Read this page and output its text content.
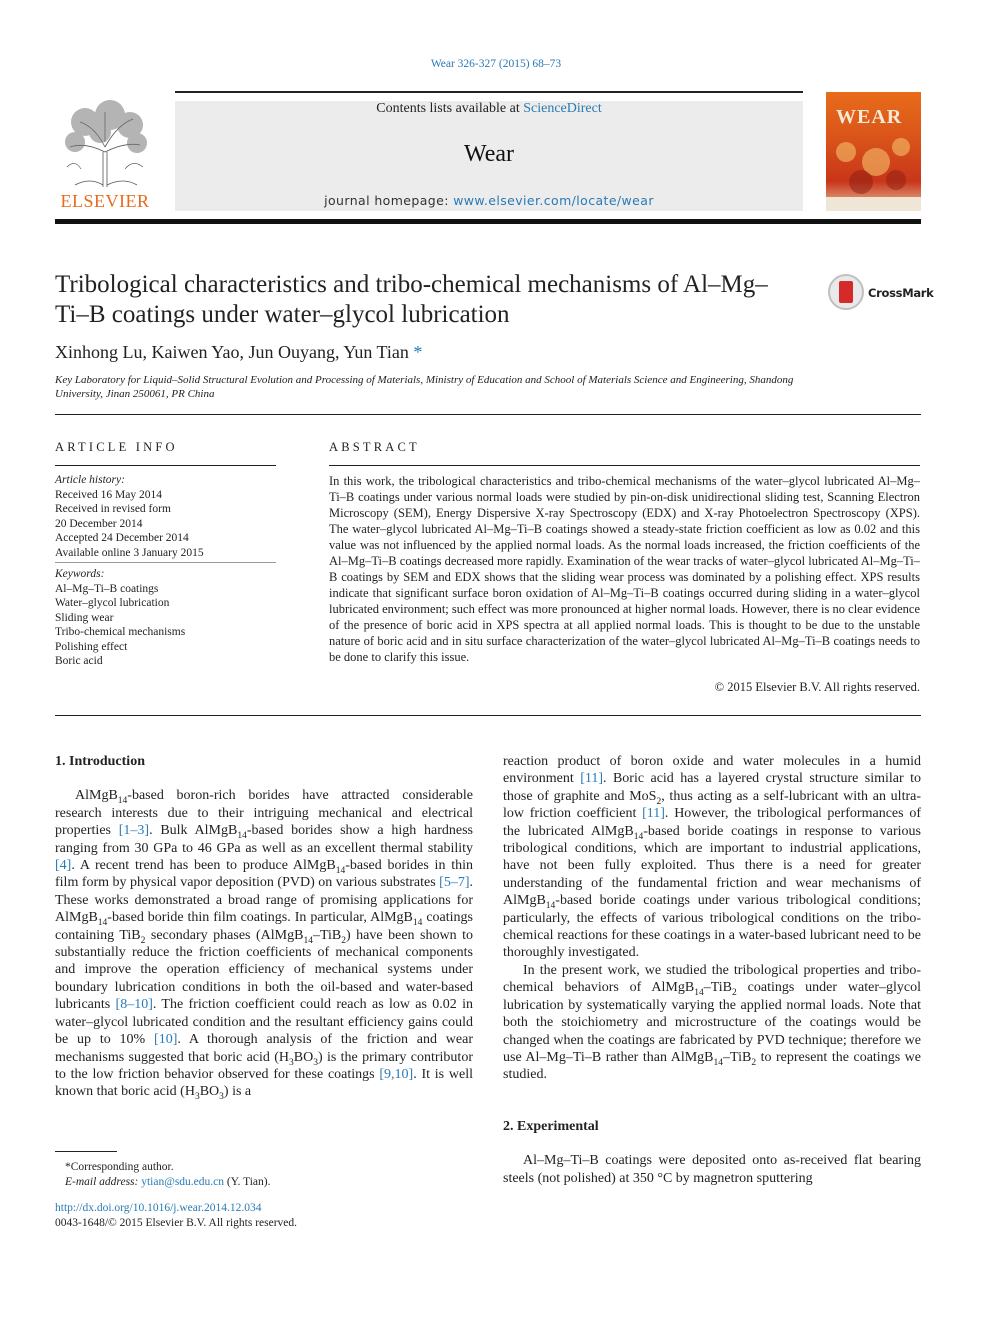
Wear 326-327 (2015) 68–73
ELSEVIER
Contents lists available at ScienceDirect
Wear
journal homepage: www.elsevier.com/locate/wear
WEAR
Tribological characteristics and tribo-chemical mechanisms of Al–Mg–Ti–B coatings under water–glycol lubrication
CrossMark
Xinhong Lu, Kaiwen Yao, Jun Ouyang, Yun Tian *
Key Laboratory for Liquid–Solid Structural Evolution and Processing of Materials, Ministry of Education and School of Materials Science and Engineering, Shandong University, Jinan 250061, PR China
ARTICLE INFO
Article history:
Received 16 May 2014
Received in revised form
20 December 2014
Accepted 24 December 2014
Available online 3 January 2015
Keywords:
Al–Mg–Ti–B coatings
Water–glycol lubrication
Sliding wear
Tribo-chemical mechanisms
Polishing effect
Boric acid
ABSTRACT
In this work, the tribological characteristics and tribo-chemical mechanisms of the water–glycol lubricated Al–Mg–Ti–B coatings under various normal loads were studied by pin-on-disk unidirectional sliding test, Scanning Electron Microscopy (SEM), Energy Dispersive X-ray Spectroscopy (EDX) and X-ray Photoelectron Spectroscopy (XPS). The water–glycol lubricated Al–Mg–Ti–B coatings showed a steady-state friction coefficient as low as 0.02 and this value was not influenced by the applied normal loads. As the normal loads increased, the friction coefficients of the Al–Mg–Ti–B coatings decreased more rapidly. Examination of the wear tracks of water–glycol lubricated Al–Mg–Ti–B coatings by SEM and EDX shows that the sliding wear process was dominated by a polishing effect. XPS results indicate that significant surface boron oxidation of Al–Mg–Ti–B coatings occurred during sliding in a water–glycol lubricated environment; such effect was more pronounced at higher normal loads. However, there is no clear evidence of the presence of boric acid in XPS spectra at all applied normal loads. This is thought to be due to the unstable nature of boric acid and in situ surface characterization of the water–glycol lubricated Al–Mg–Ti–B coatings needs to be done to clarify this issue.
© 2015 Elsevier B.V. All rights reserved.
1. Introduction

AlMgB$_{14}$-based boron-rich borides have attracted considerable research interests due to their intriguing mechanical and electrical properties [1–3]. Bulk AlMgB$_{14}$-based borides show a high hardness ranging from 30 GPa to 46 GPa as well as an excellent thermal stability [4]. A recent trend has been to produce AlMgB$_{14}$-based borides in thin film form by physical vapor deposition (PVD) on various substrates [5–7]. These works demonstrated a broad range of promising applications for AlMgB$_{14}$-based boride thin film coatings. In particular, AlMgB$_{14}$ coatings containing TiB$_2$ secondary phases (AlMgB$_{14}$–TiB$_2$) have been shown to substantially reduce the friction coefficients of mechanical components and improve the operation efficiency of mechanical systems under boundary lubrication conditions in both the oil-based and water-based lubricants [8–10]. The friction coefficient could reach as low as 0.02 in water–glycol lubricated condition and the resultant efficiency gains could be up to 10% [10]. A thorough analysis of the friction and wear mechanisms suggested that boric acid $(H_3BO_3)$ is the primary contributor to the low friction behavior observed for these coatings [9,10]. It is well known that boric acid $(H_3BO_3)$ is a

reaction product of boron oxide and water molecules in a humid environment [11]. Boric acid has a layered crystal structure similar to those of graphite and MoS$_2$, thus acting as a self-lubricant with an ultra-low friction coefficient [11]. However, the tribological performances of the lubricated AlMgB$_{14}$-based boride coatings in response to various tribological conditions, which are important to industrial applications, have not been fully exploited. Thus there is a need for greater understanding of the fundamental friction and wear mechanisms of AlMgB$_{14}$-based boride coatings under various tribological conditions; particularly, the effects of various tribological conditions on the tribo-chemical reactions for these coatings in a water-based lubricant need to be thoroughly investigated.

In the present work, we studied the tribological properties and tribo-chemical behaviors of AlMgB$_{14}$–TiB$_2$ coatings under water–glycol lubrication by systematically varying the applied normal loads. Note that both the stoichiometry and microstructure of the coatings would be changed when the coatings are fabricated by PVD technique; therefore we use Al–Mg–Ti–B rather than AlMgB$_{14}$–TiB$_2$ to represent the coatings we studied.

2. Experimental

Al–Mg–Ti–B coatings were deposited onto as-received flat bearing steels (not polished) at 350 °C by magnetron sputtering

*Corresponding author.
E-mail address: ytian@sdu.edu.cn (Y. Tian).
http://dx.doi.org/10.1016/j.wear.2014.12.034
0043-1648/© 2015 Elsevier B.V. All rights reserved.
